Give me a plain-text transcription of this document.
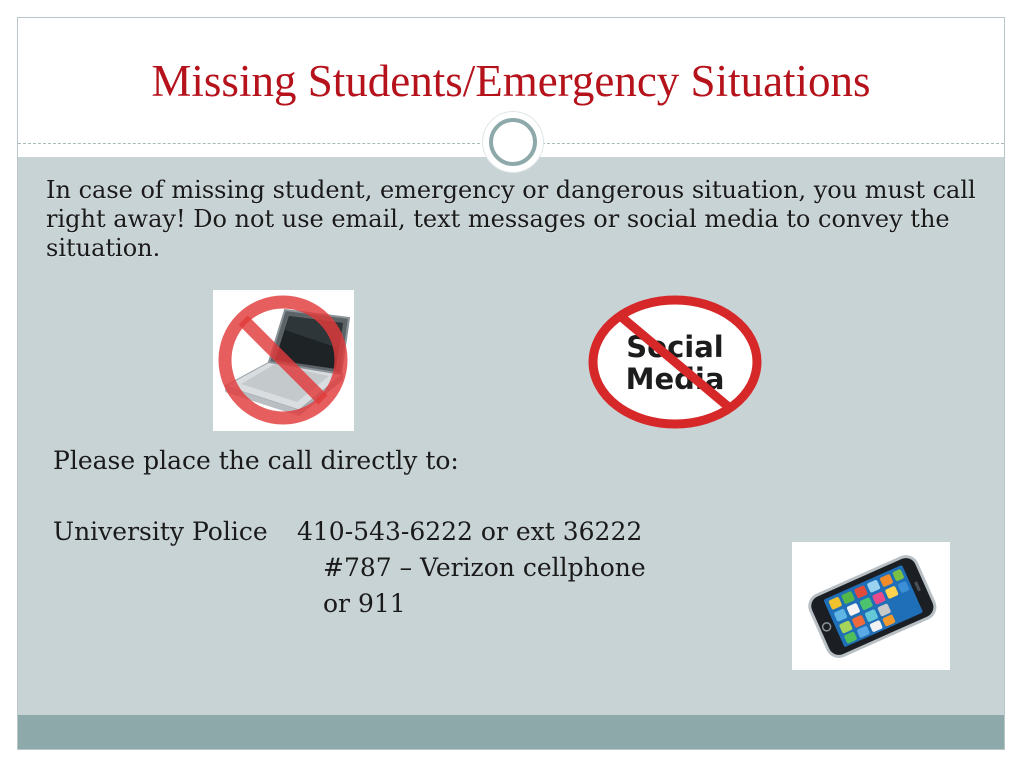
Missing Students/Emergency Situations

In case of missing student, emergency or dangerous situation, you must call right away! Do not use email, text messages or social media to convey the situation.

Social
Media
Please place the call directly to:
University Police 410-543-6222 or ext 36222
#787 – Verizon cellphone
or 911
